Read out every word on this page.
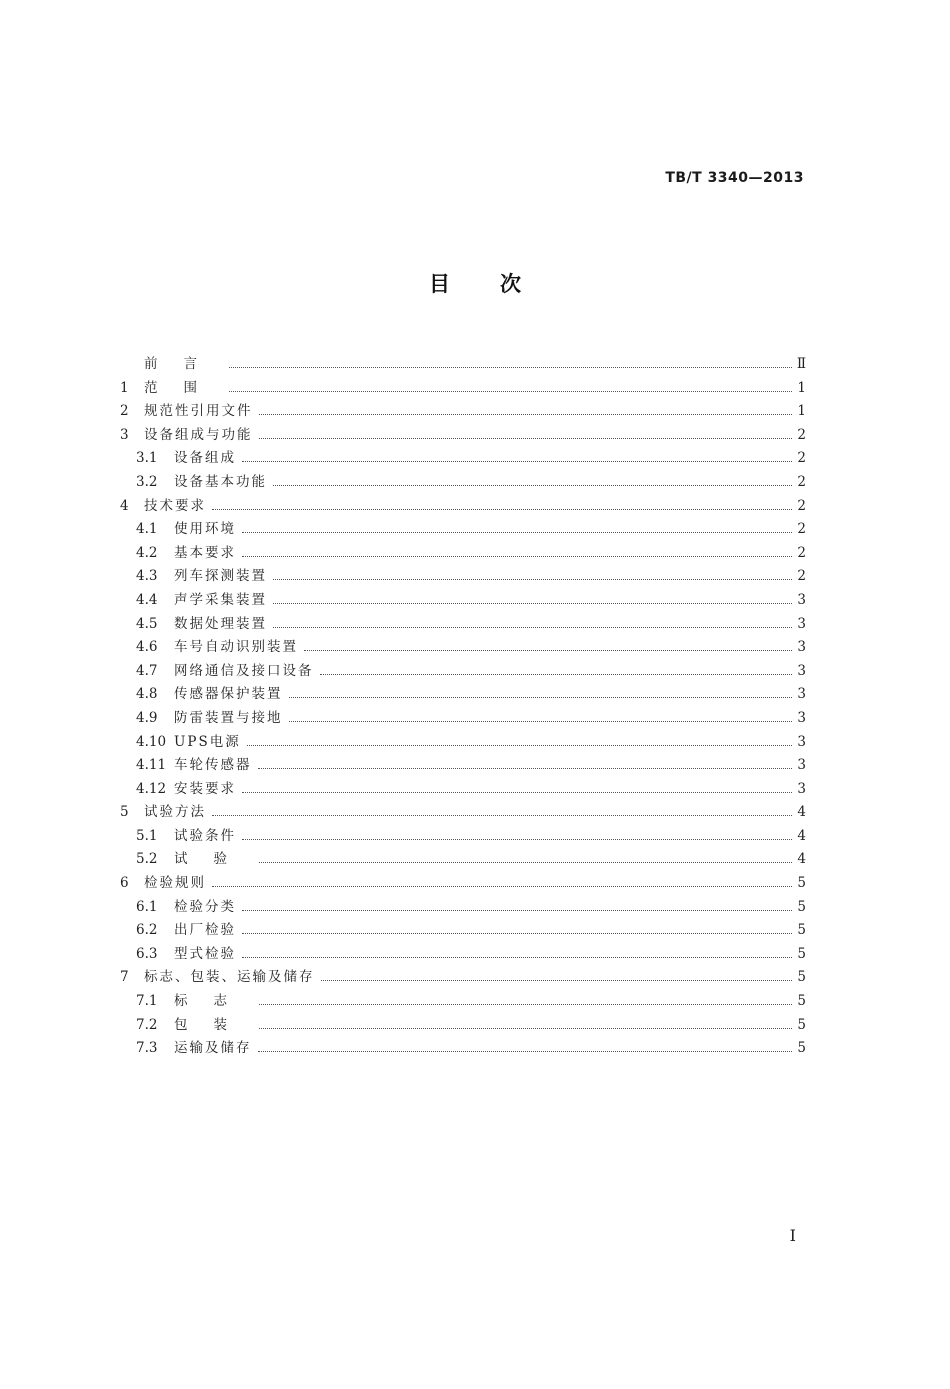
TB/T 3340—2013
目次
前言	Ⅱ
1	范围	1
2	规范性引用文件	1
3	设备组成与功能	2
3.1	设备组成	2
3.2	设备基本功能	2
4	技术要求	2
4.1	使用环境	2
4.2	基本要求	2
4.3	列车探测装置	2
4.4	声学采集装置	3
4.5	数据处理装置	3
4.6	车号自动识别装置	3
4.7	网络通信及接口设备	3
4.8	传感器保护装置	3
4.9	防雷装置与接地	3
4.10 UPS电源	3
4.11 车轮传感器	3
4.12 安装要求	3
5	试验方法	4
5.1	试验条件	4
5.2	试验	4
6	检验规则	5
6.1	检验分类	5
6.2	出厂检验	5
6.3	型式检验	5
7	标志、包装、运输及储存	5
7.1	标志	5
7.2	包装	5
7.3	运输及储存	5
I
